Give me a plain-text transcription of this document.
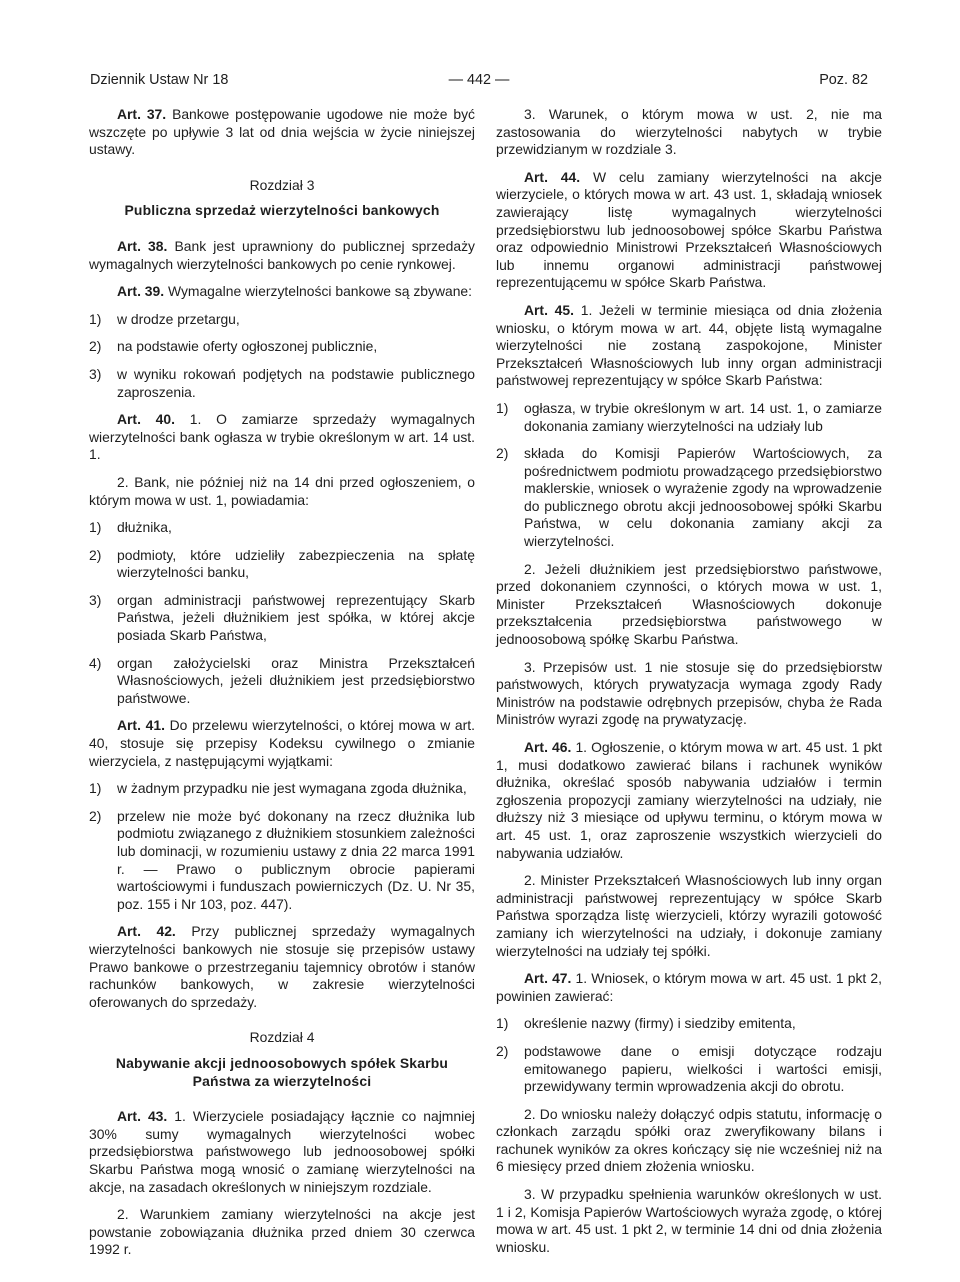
Dziennik Ustaw Nr 18	— 442 —	Poz. 82

Art. 37. Bankowe postępowanie ugodowe nie może być wszczęte po upływie 3 lat od dnia wejścia w życie niniejszej ustawy.

Rozdział 3
Publiczna sprzedaż wierzytelności bankowych

Art. 38. Bank jest uprawniony do publicznej sprzedaży wymagalnych wierzytelności bankowych po cenie rynkowej.

Art. 39. Wymagalne wierzytelności bankowe są zbywane:

1) w drodze przetargu,
2) na podstawie oferty ogłoszonej publicznie,
3) w wyniku rokowań podjętych na podstawie publicznego zaproszenia.

Art. 40. 1. O zamiarze sprzedaży wymagalnych wierzytelności bank ogłasza w trybie określonym w art. 14 ust. 1.

2. Bank, nie później niż na 14 dni przed ogłoszeniem, o którym mowa w ust. 1, powiadamia:

1) dłużnika,
2) podmioty, które udzieliły zabezpieczenia na spłatę wierzytelności banku,
3) organ administracji państwowej reprezentujący Skarb Państwa, jeżeli dłużnikiem jest spółka, w której akcje posiada Skarb Państwa,
4) organ założycielski oraz Ministra Przekształceń Własnościowych, jeżeli dłużnikiem jest przedsiębiorstwo państwowe.

Art. 41. Do przelewu wierzytelności, o której mowa w art. 40, stosuje się przepisy Kodeksu cywilnego o zmianie wierzyciela, z następującymi wyjątkami:

1) w żadnym przypadku nie jest wymagana zgoda dłużnika,
2) przelew nie może być dokonany na rzecz dłużnika lub podmiotu związanego z dłużnikiem stosunkiem zależności lub dominacji, w rozumieniu ustawy z dnia 22 marca 1991 r. — Prawo o publicznym obrocie papierami wartościowymi i funduszach powierniczych (Dz. U. Nr 35, poz. 155 i Nr 103, poz. 447).

Art. 42. Przy publicznej sprzedaży wymagalnych wierzytelności bankowych nie stosuje się przepisów ustawy Prawo bankowe o przestrzeganiu tajemnicy obrotów i stanów rachunków bankowych, w zakresie wierzytelności oferowanych do sprzedaży.

Rozdział 4
Nabywanie akcji jednoosobowych spółek Skarbu Państwa za wierzytelności

Art. 43. 1. Wierzyciele posiadający łącznie co najmniej 30% sumy wymagalnych wierzytelności wobec przedsiębiorstwa państwowego lub jednoosobowej spółki Skarbu Państwa mogą wnosić o zamianę wierzytelności na akcje, na zasadach określonych w niniejszym rozdziale.

2. Warunkiem zamiany wierzytelności na akcje jest powstanie zobowiązania dłużnika przed dniem 30 czerwca 1992 r.

3. Warunek, o którym mowa w ust. 2, nie ma zastosowania do wierzytelności nabytych w trybie przewidzianym w rozdziale 3.

Art. 44. W celu zamiany wierzytelności na akcje wierzyciele, o których mowa w art. 43 ust. 1, składają wniosek zawierający listę wymagalnych wierzytelności przedsiębiorstwu lub jednoosobowej spółce Skarbu Państwa oraz odpowiednio Ministrowi Przekształceń Własnościowych lub innemu organowi administracji państwowej reprezentującemu w spółce Skarb Państwa.

Art. 45. 1. Jeżeli w terminie miesiąca od dnia złożenia wniosku, o którym mowa w art. 44, objęte listą wymagalne wierzytelności nie zostaną zaspokojone, Minister Przekształceń Własnościowych lub inny organ administracji państwowej reprezentujący w spółce Skarb Państwa:

1) ogłasza, w trybie określonym w art. 14 ust. 1, o zamiarze dokonania zamiany wierzytelności na udziały lub
2) składa do Komisji Papierów Wartościowych, za pośrednictwem podmiotu prowadzącego przedsiębiorstwo maklerskie, wniosek o wyrażenie zgody na wprowadzenie do publicznego obrotu akcji jednoosobowej spółki Skarbu Państwa, w celu dokonania zamiany akcji za wierzytelności.

2. Jeżeli dłużnikiem jest przedsiębiorstwo państwowe, przed dokonaniem czynności, o których mowa w ust. 1, Minister Przekształceń Własnościowych dokonuje przekształcenia przedsiębiorstwa państwowego w jednoosobową spółkę Skarbu Państwa.

3. Przepisów ust. 1 nie stosuje się do przedsiębiorstw państwowych, których prywatyzacja wymaga zgody Rady Ministrów na podstawie odrębnych przepisów, chyba że Rada Ministrów wyrazi zgodę na prywatyzację.

Art. 46. 1. Ogłoszenie, o którym mowa w art. 45 ust. 1 pkt 1, musi dodatkowo zawierać bilans i rachunek wyników dłużnika, określać sposób nabywania udziałów i termin zgłoszenia propozycji zamiany wierzytelności na udziały, nie dłuższy niż 3 miesiące od upływu terminu, o którym mowa w art. 45 ust. 1, oraz zaproszenie wszystkich wierzycieli do nabywania udziałów.

2. Minister Przekształceń Własnościowych lub inny organ administracji państwowej reprezentujący w spółce Skarb Państwa sporządza listę wierzycieli, którzy wyrazili gotowość zamiany ich wierzytelności na udziały, i dokonuje zamiany wierzytelności na udziały tej spółki.

Art. 47. 1. Wniosek, o którym mowa w art. 45 ust. 1 pkt 2, powinien zawierać:

1) określenie nazwy (firmy) i siedziby emitenta,
2) podstawowe dane o emisji dotyczące rodzaju emitowanego papieru, wielkości i wartości emisji, przewidywany termin wprowadzenia akcji do obrotu.

2. Do wniosku należy dołączyć odpis statutu, informację o członkach zarządu spółki oraz zweryfikowany bilans i rachunek wyników za okres kończący się nie wcześniej niż na 6 miesięcy przed dniem złożenia wniosku.

3. W przypadku spełnienia warunków określonych w ust. 1 i 2, Komisja Papierów Wartościowych wyraża zgodę, o której mowa w art. 45 ust. 1 pkt 2, w terminie 14 dni od dnia złożenia wniosku.
